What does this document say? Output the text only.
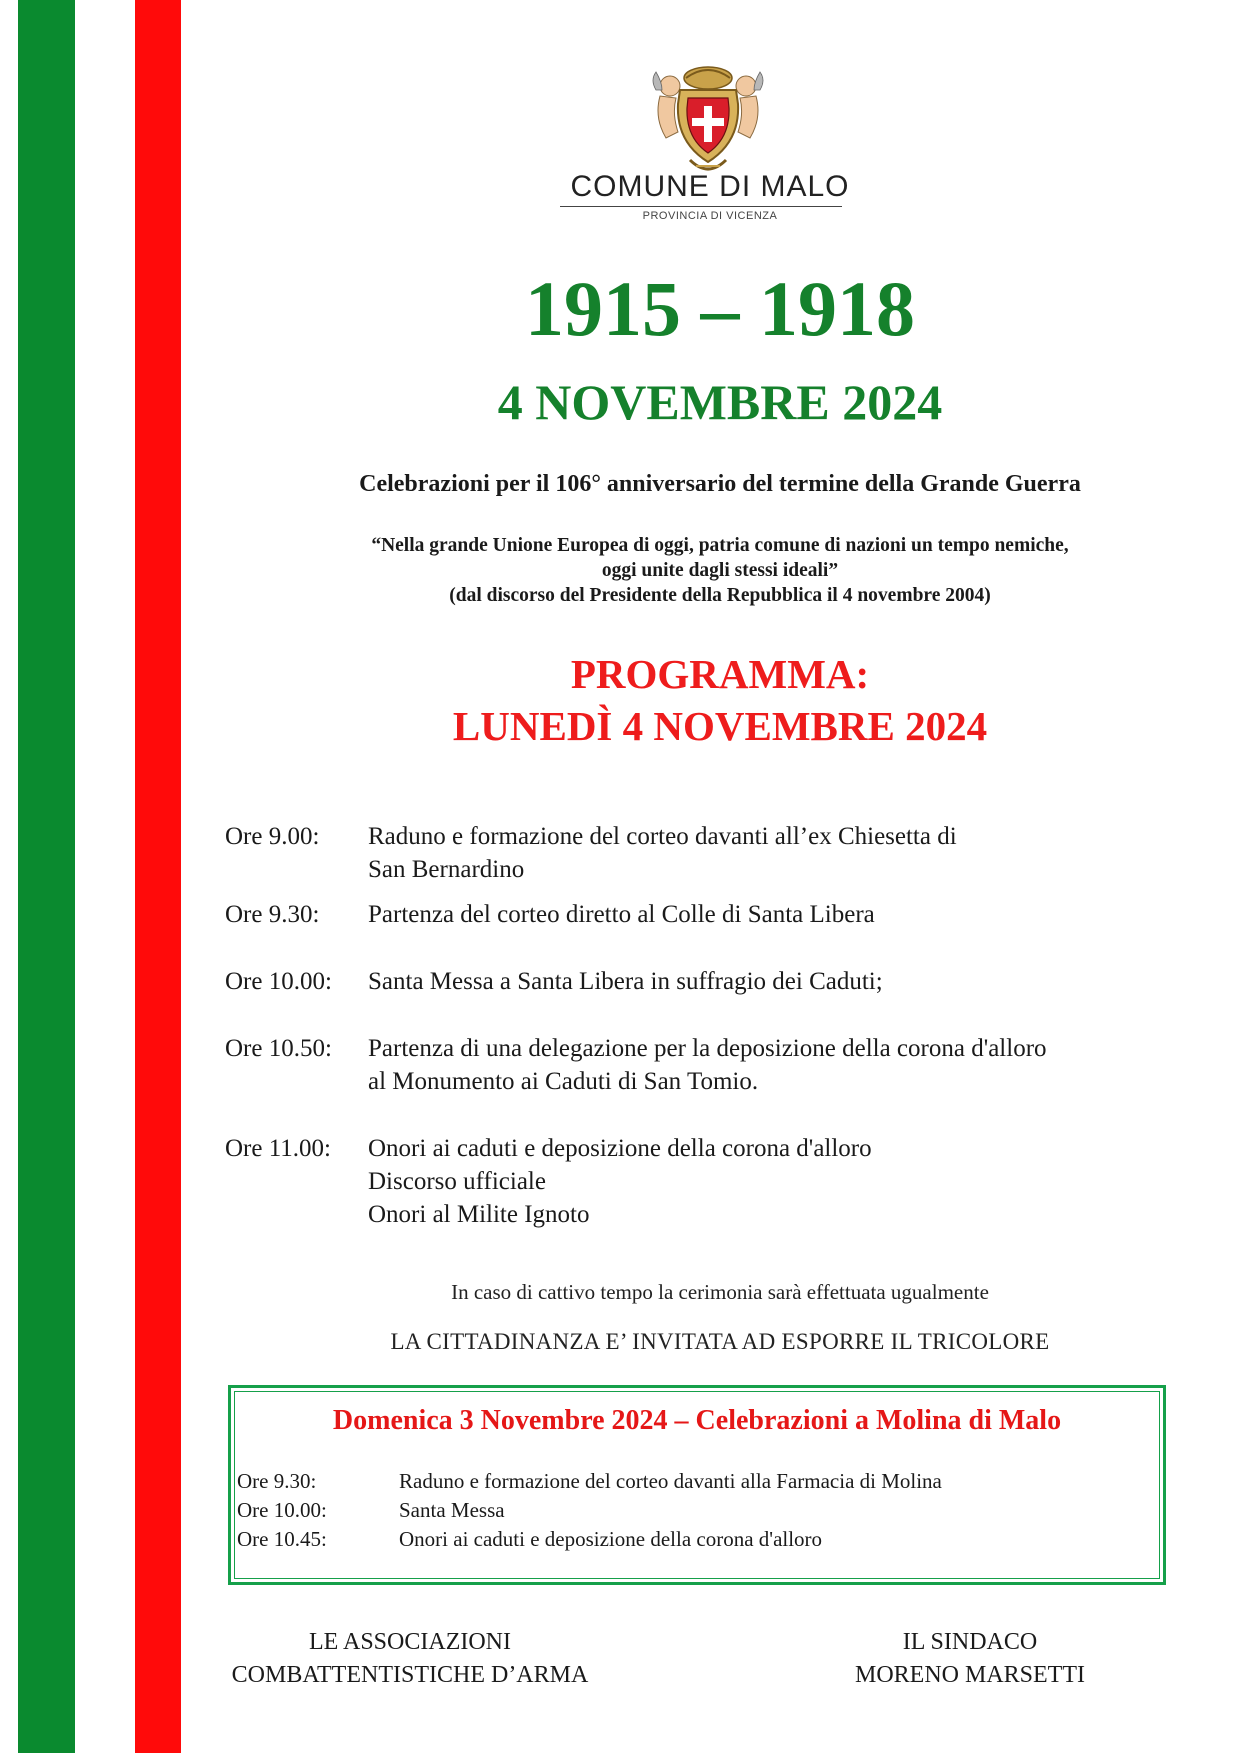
COMUNE DI MALO
PROVINCIA DI VICENZA
1915 – 1918
4 NOVEMBRE 2024
Celebrazioni per il 106° anniversario del termine della Grande Guerra
“Nella grande Unione Europea di oggi, patria comune di nazioni un tempo nemiche,
oggi unite dagli stessi ideali”
(dal discorso del Presidente della Repubblica il 4 novembre 2004)
PROGRAMMA:
LUNEDÌ 4 NOVEMBRE 2024
Ore 9.00: Raduno e formazione del corteo davanti all’ex Chiesetta di
San Bernardino
Ore 9.30: Partenza del corteo diretto al Colle di Santa Libera
Ore 10.00: Santa Messa a Santa Libera in suffragio dei Caduti;
Ore 10.50: Partenza di una delegazione per la deposizione della corona d'alloro
al Monumento ai Caduti di San Tomio.
Ore 11.00: Onori ai caduti e deposizione della corona d'alloro
Discorso ufficiale
Onori al Milite Ignoto
In caso di cattivo tempo la cerimonia sarà effettuata ugualmente
LA CITTADINANZA E’ INVITATA AD ESPORRE IL TRICOLORE
Domenica 3 Novembre 2024 – Celebrazioni a Molina di Malo
Ore 9.30:	Raduno e formazione del corteo davanti alla Farmacia di Molina
Ore 10.00:	Santa Messa
Ore 10.45:	Onori ai caduti e deposizione della corona d'alloro
LE ASSOCIAZIONI
COMBATTENTISTICHE D’ARMA
IL SINDACO
MORENO MARSETTI
